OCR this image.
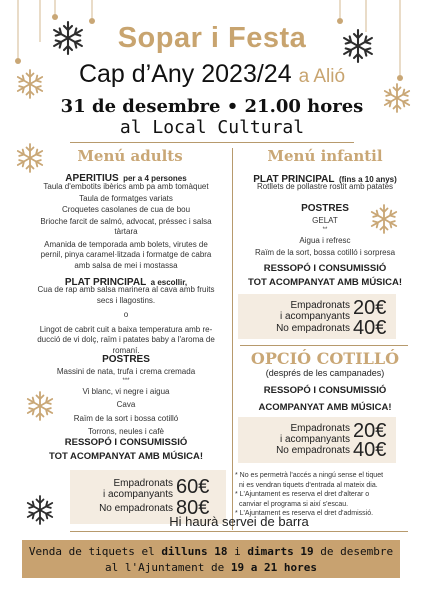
Sopar i Festa
Cap d’Any 2023/24 a Alió
31 de desembre • 21.00 hores
al Local Cultural
Menú adults
APERITIUS per a 4 persones
Taula d'embotits ibèrics amb pa amb tomàquet
Taula de formatges variats
Croquetes casolanes de cua de bou
Brioche farcit de salmó, advocat, préssec i salsa
tàrtara
Amanida de temporada amb bolets, virutes de
pernil, pinya caramel·litzada i formatge de cabra
amb salsa de mei i mostassa
PLAT PRINCIPAL a escollir,
Cua de rap amb salsa marinera al cava amb fruits
secs i llagostins.
o
Lingot de cabrit cuit a baixa temperatura amb re-
ducció de vi dolç, raïm i patates baby a l'aroma de
romaní.
POSTRES
Massini de nata, trufa i crema cremada
***
Vi blanc, vi negre i aigua
Cava
Raïm de la sort i bossa cotilló
Torrons, neules i cafè
RESSOPÓ I CONSUMISSIÓ
TOT ACOMPANYAT AMB MÚSICA!
Empadronats
i acompanyants 60€
No empadronats 80€
Menú infantil
PLAT PRINCIPAL (fins a 10 anys)
Rotllets de pollastre rostit amb patates
POSTRES
GELAT
**
Aigua i refresc
Raïm de la sort, bossa cotilló i sorpresa
RESSOPÓ I CONSUMISSIÓ
TOT ACOMPANYAT AMB MÚSICA!
Empadronats
i acompanyants 20€
No empadronats 40€
OPCIÓ COTILLÓ
(després de les campanades)
RESSOPÓ I CONSUMISSIÓ
ACOMPANYAT AMB MÚSICA!
Empadronats
i acompanyants 20€
No empadronats 40€
* No es permetrà l'accés a ningú sense el tiquet
ni es vendran tiquets d'entrada al mateix dia.
* L'Ajuntament es reserva el dret d'alterar o
canviar el programa si així s'escau.
* L'Ajuntament es reserva el dret d'admissió.
Hi haurà servei de barra
Venda de tiquets el dilluns 18 i dimarts 19 de desembre
al l'Ajuntament de 19 a 21 hores
